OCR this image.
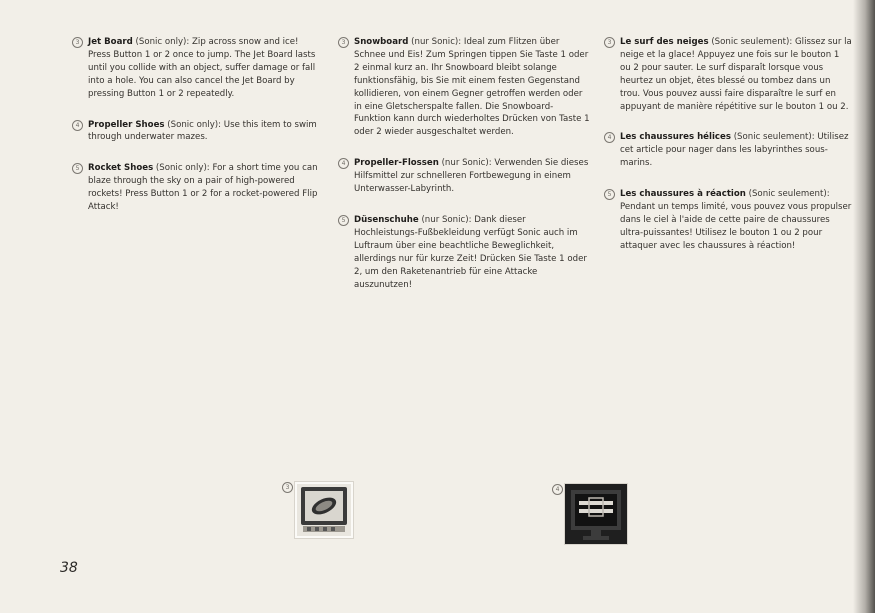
3 Jet Board (Sonic only): Zip across snow and ice! Press Button 1 or 2 once to jump. The Jet Board lasts until you collide with an object, suffer damage or fall into a hole. You can also cancel the Jet Board by pressing Button 1 or 2 repeatedly.
4 Propeller Shoes (Sonic only): Use this item to swim through underwater mazes.
5 Rocket Shoes (Sonic only): For a short time you can blaze through the sky on a pair of high-powered rockets! Press Button 1 or 2 for a rocket-powered Flip Attack!
3 Snowboard (nur Sonic): Ideal zum Flitzen über Schnee und Eis! Zum Springen tippen Sie Taste 1 oder 2 einmal kurz an. Ihr Snowboard bleibt solange funktionsfähig, bis Sie mit einem festen Gegenstand kollidieren, von einem Gegner getroffen werden oder in eine Gletscherspalte fallen. Die Snowboard-Funktion kann durch wiederholtes Drücken von Taste 1 oder 2 wieder ausgeschaltet werden.
4 Propeller-Flossen (nur Sonic): Verwenden Sie dieses Hilfsmittel zur schnelleren Fortbewegung in einem Unterwasser-Labyrinth.
5 Düsenschuhe (nur Sonic): Dank dieser Hochleistungs-Fußbekleidung verfügt Sonic auch im Luftraum über eine beachtliche Beweglichkeit, allerdings nur für kurze Zeit! Drücken Sie Taste 1 oder 2, um den Raketenantrieb für eine Attacke auszunutzen!
3 Le surf des neiges (Sonic seulement): Glissez sur la neige et la glace! Appuyez une fois sur le bouton 1 ou 2 pour sauter. Le surf disparaît lorsque vous heurtez un objet, êtes blessé ou tombez dans un trou. Vous pouvez aussi faire disparaître le surf en appuyant de manière répétitive sur le bouton 1 ou 2.
4 Les chaussures hélices (Sonic seulement): Utilisez cet article pour nager dans les labyrinthes sous-marins.
5 Les chaussures à réaction (Sonic seulement): Pendant un temps limité, vous pouvez vous propulser dans le ciel à l'aide de cette paire de chaussures ultra-puissantes! Utilisez le bouton 1 ou 2 pour attaquer avec les chaussures à réaction!
3	4
38
